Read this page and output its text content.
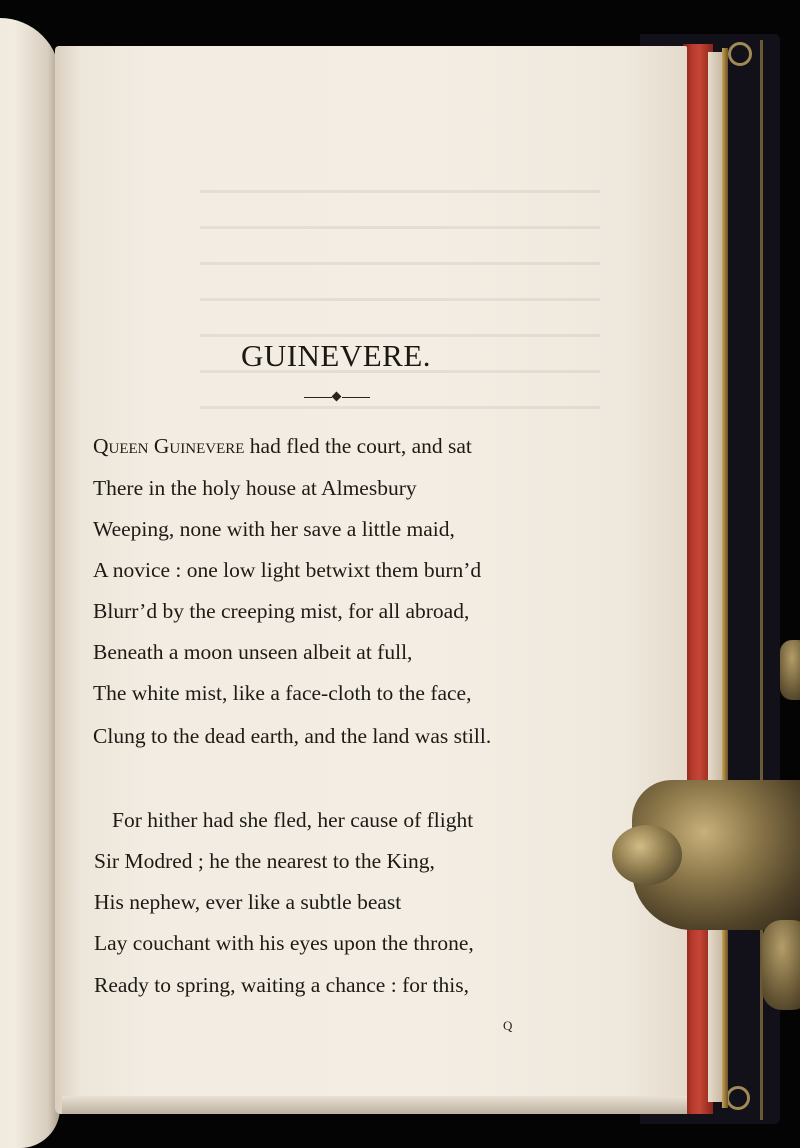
GUINEVERE.
Queen Guinevere had fled the court, and sat
There in the holy house at Almesbury
Weeping, none with her save a little maid,
A novice : one low light betwixt them burn’d
Blurr’d by the creeping mist, for all abroad,
Beneath a moon unseen albeit at full,
The white mist, like a face-cloth to the face,
Clung to the dead earth, and the land was still.
For hither had she fled, her cause of flight
Sir Modred ; he the nearest to the King,
His nephew, ever like a subtle beast
Lay couchant with his eyes upon the throne,
Ready to spring, waiting a chance : for this,
Q
